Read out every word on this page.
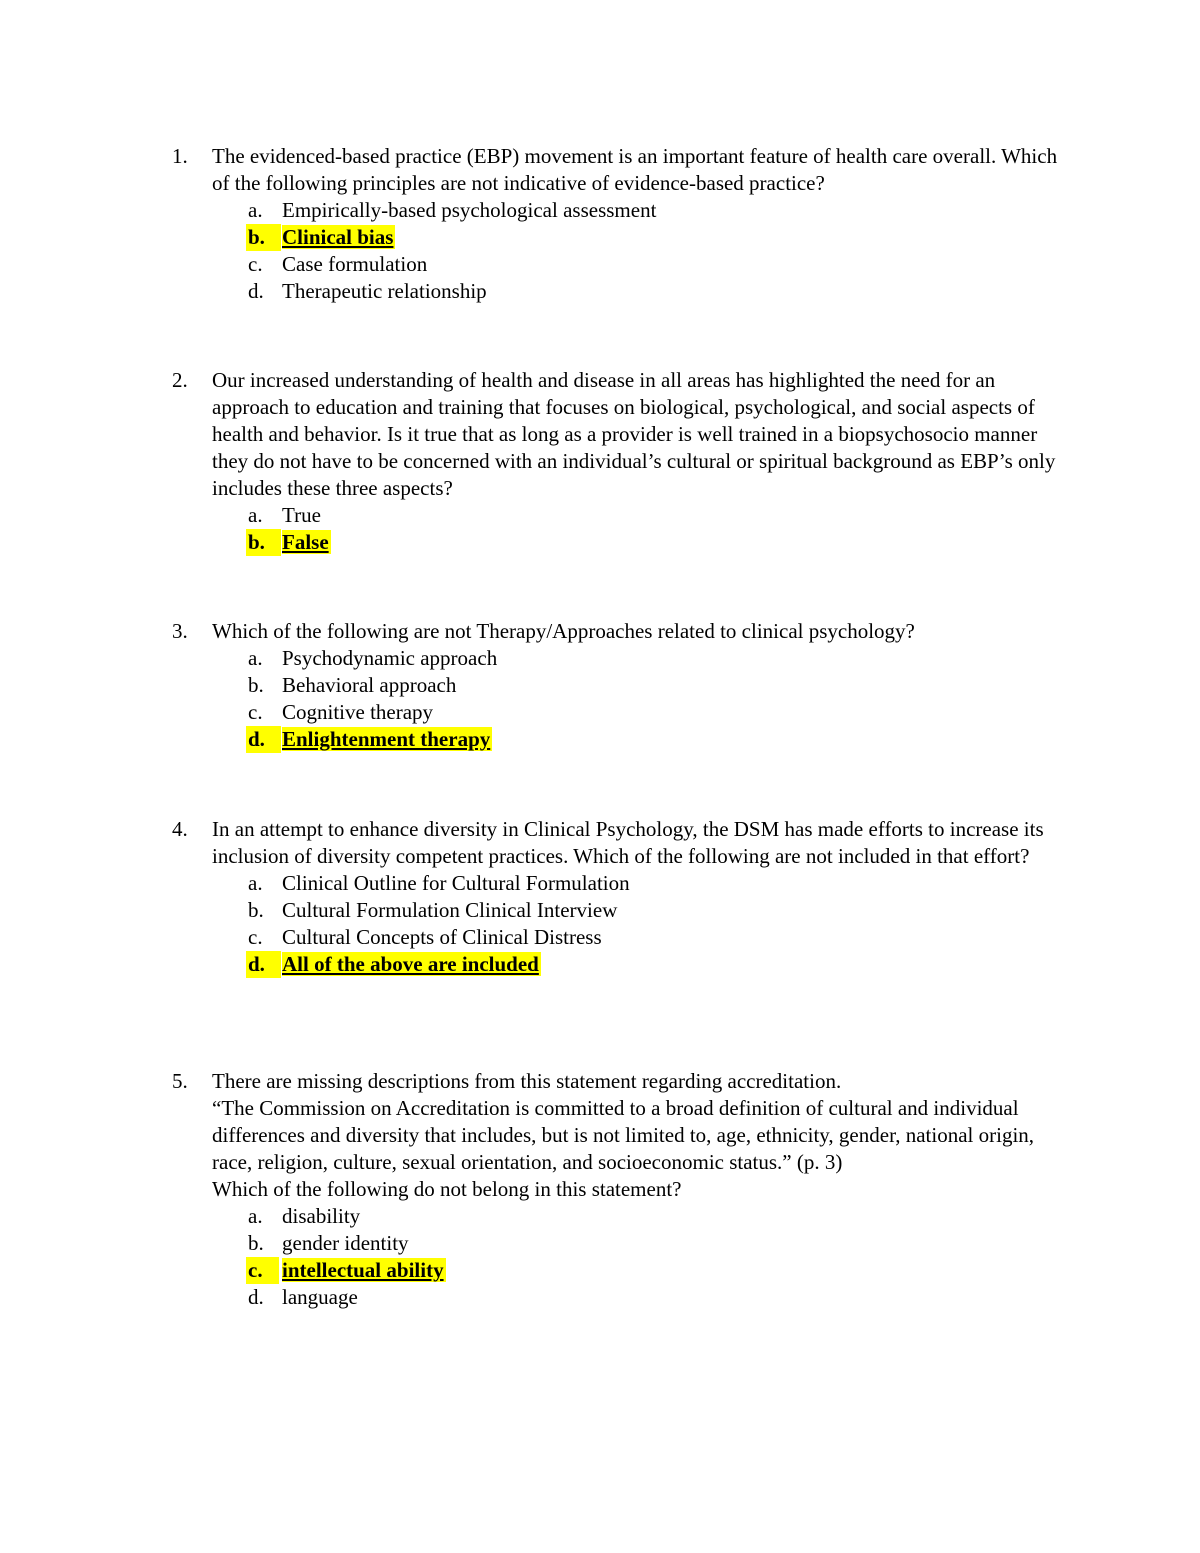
1.	The evidenced-based practice (EBP) movement is an important feature of health care overall. Which of the following principles are not indicative of evidence-based practice?
a. Empirically-based psychological assessment
b. Clinical bias
c. Case formulation
d. Therapeutic relationship
2.	Our increased understanding of health and disease in all areas has highlighted the need for an approach to education and training that focuses on biological, psychological, and social aspects of health and behavior. Is it true that as long as a provider is well trained in a biopsychosocio manner they do not have to be concerned with an individual’s cultural or spiritual background as EBP’s only includes these three aspects?
a. True
b. False
3.	Which of the following are not Therapy/Approaches related to clinical psychology?
a. Psychodynamic approach
b. Behavioral approach
c. Cognitive therapy
d. Enlightenment therapy
4.	In an attempt to enhance diversity in Clinical Psychology, the DSM has made efforts to increase its inclusion of diversity competent practices. Which of the following are not included in that effort?
a. Clinical Outline for Cultural Formulation
b. Cultural Formulation Clinical Interview
c. Cultural Concepts of Clinical Distress
d. All of the above are included
5.	There are missing descriptions from this statement regarding accreditation.
“The Commission on Accreditation is committed to a broad definition of cultural and individual differences and diversity that includes, but is not limited to, age, ethnicity, gender, national origin, race, religion, culture, sexual orientation, and socioeconomic status.” (p. 3)
Which of the following do not belong in this statement?
a. disability
b. gender identity
c. intellectual ability
d. language
